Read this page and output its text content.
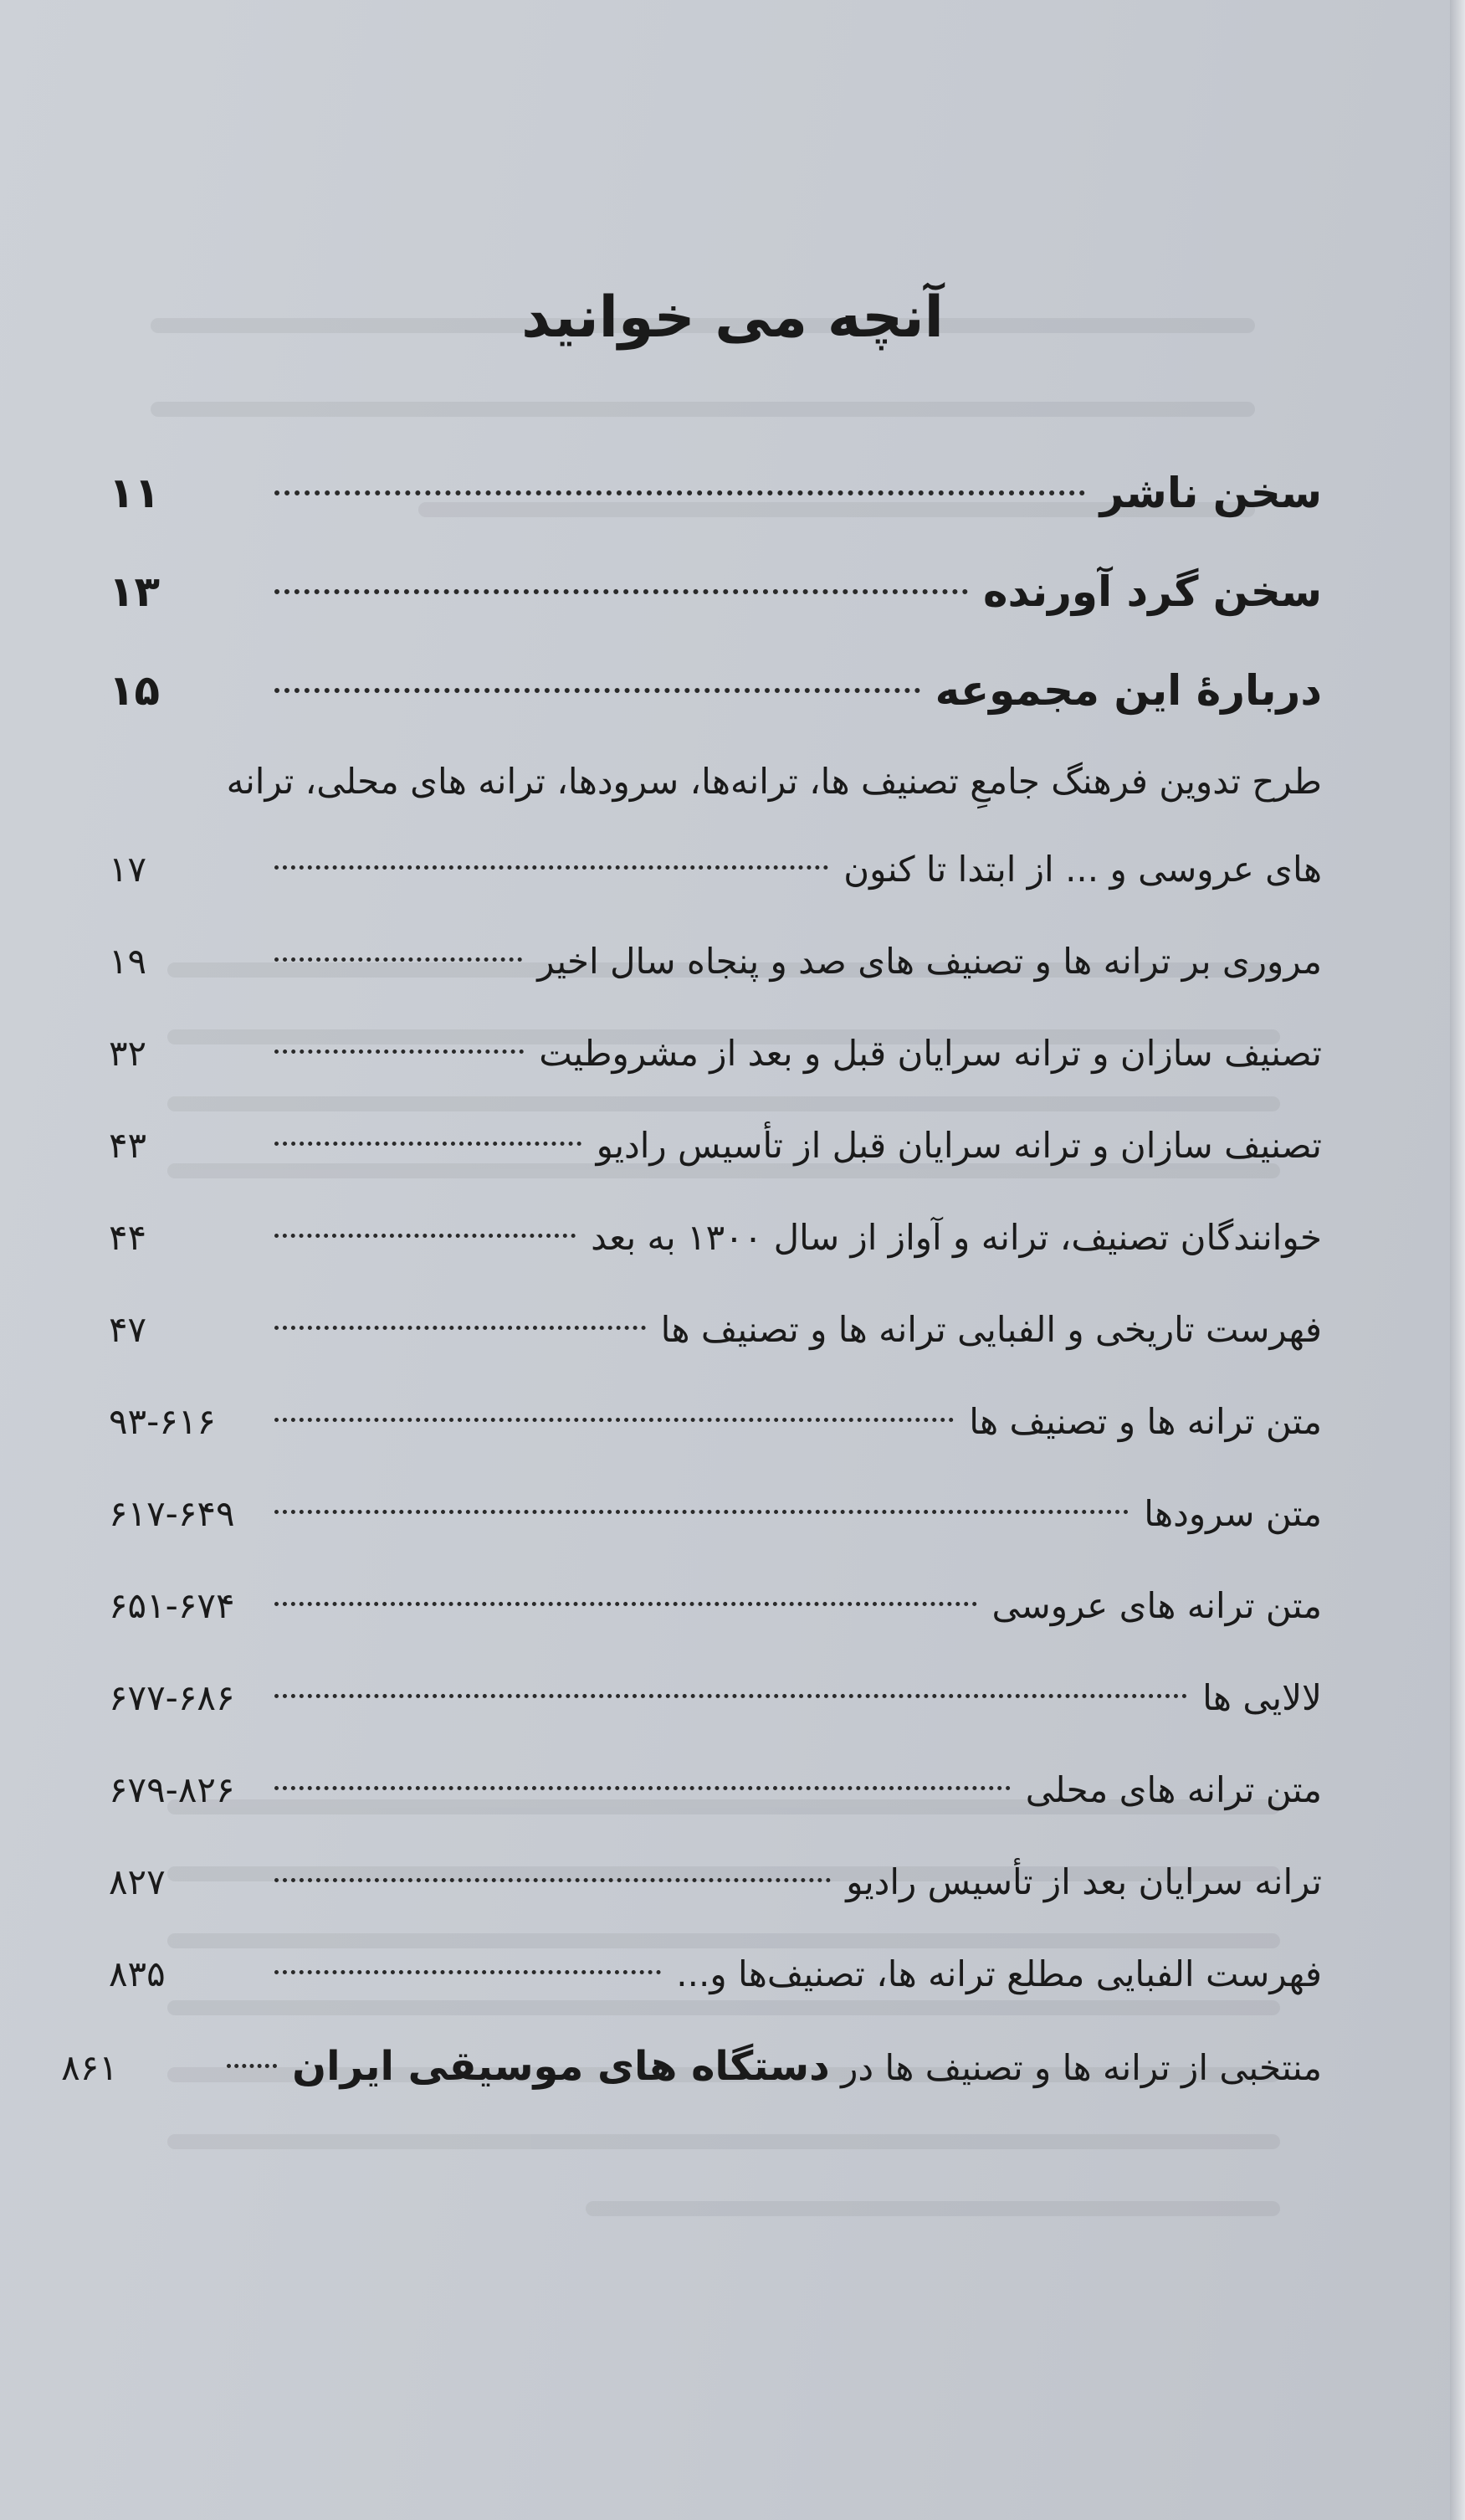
آنچه می خوانید
سخن ناشر
۱۱
سخن گرد آورنده
۱۳
دربارهٔ این مجموعه
۱۵
طرح تدوین فرهنگ جامعِ تصنیف ها، ترانه‌ها، سرودها، ترانه های محلی، ترانه
های عروسی و ... از ابتدا تا کنون
۱۷
مروری بر ترانه ها و تصنیف های صد و پنجاه سال اخیر
۱۹
تصنیف سازان و ترانه سرایان قبل و بعد از مشروطیت
۳۲
تصنیف سازان و ترانه سرایان قبل از تأسیس رادیو
۴۳
خوانندگان تصنیف، ترانه و آواز از سال ۱۳۰۰ به بعد
۴۴
فهرست تاریخی و الفبایی ترانه ها و تصنیف ها
۴۷
متن ترانه ها و تصنیف ها
۹۳-۶۱۶
متن سرودها
۶۱۷-۶۴۹
متن ترانه های عروسی
۶۵۱-۶۷۴
لالایی ها
۶۷۷-۶۸۶
متن ترانه های محلی
۶۷۹-۸۲۶
ترانه سرایان بعد از تأسیس رادیو
۸۲۷
فهرست الفبایی مطلع ترانه ها، تصنیف‌ها و...
۸۳۵
منتخبی از ترانه ها و تصنیف ها در دستگاه های موسیقی ایران
۸۶۱
